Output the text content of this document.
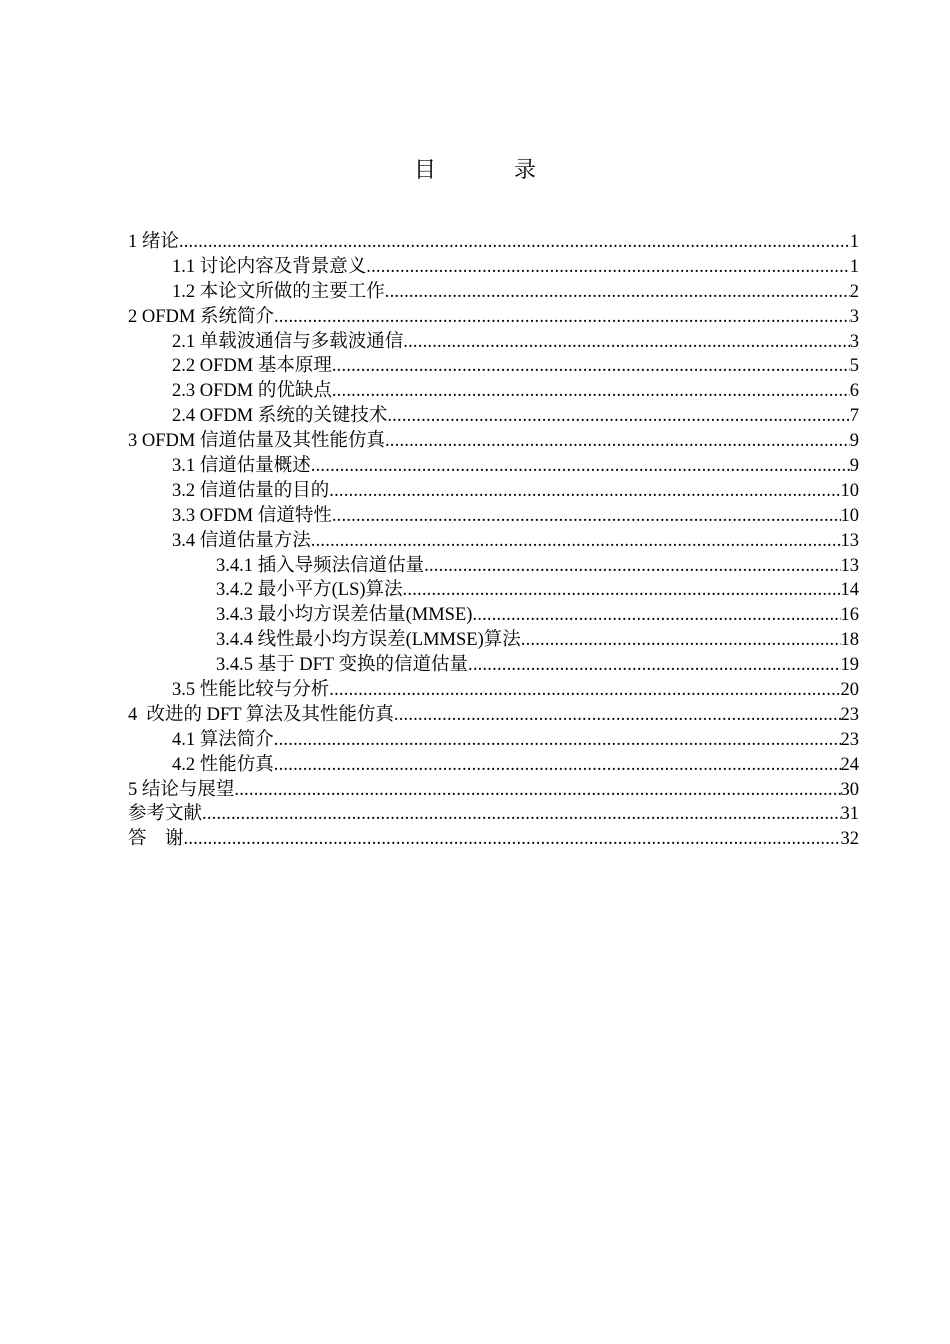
目　录
1 绪论 .....	1
1.1 讨论内容及背景意义 .....	1
1.2 本论文所做的主要工作 .....	2
2 OFDM 系统简介 .....	3
2.1 单载波通信与多载波通信 .....	3
2.2 OFDM 基本原理 .....	5
2.3 OFDM 的优缺点 .....	6
2.4 OFDM 系统的关键技术 .....	7
3 OFDM 信道估量及其性能仿真 .....	9
3.1 信道估量概述 .....	9
3.2 信道估量的目的 .....	10
3.3 OFDM 信道特性 .....	10
3.4 信道估量方法 .....	13
3.4.1 插入导频法信道估量 .....	13
3.4.2 最小平方(LS)算法 .....	14
3.4.3 最小均方误差估量(MMSE) .....	16
3.4.4 线性最小均方误差(LMMSE)算法 .....	18
3.4.5 基于 DFT 变换的信道估量 .....	19
3.5 性能比较与分析 .....	20
4  改进的 DFT 算法及其性能仿真 .....	23
4.1 算法简介 .....	23
4.2 性能仿真 .....	24
5 结论与展望 .....	30
参考文献 .....	31
答　谢 .....	32
